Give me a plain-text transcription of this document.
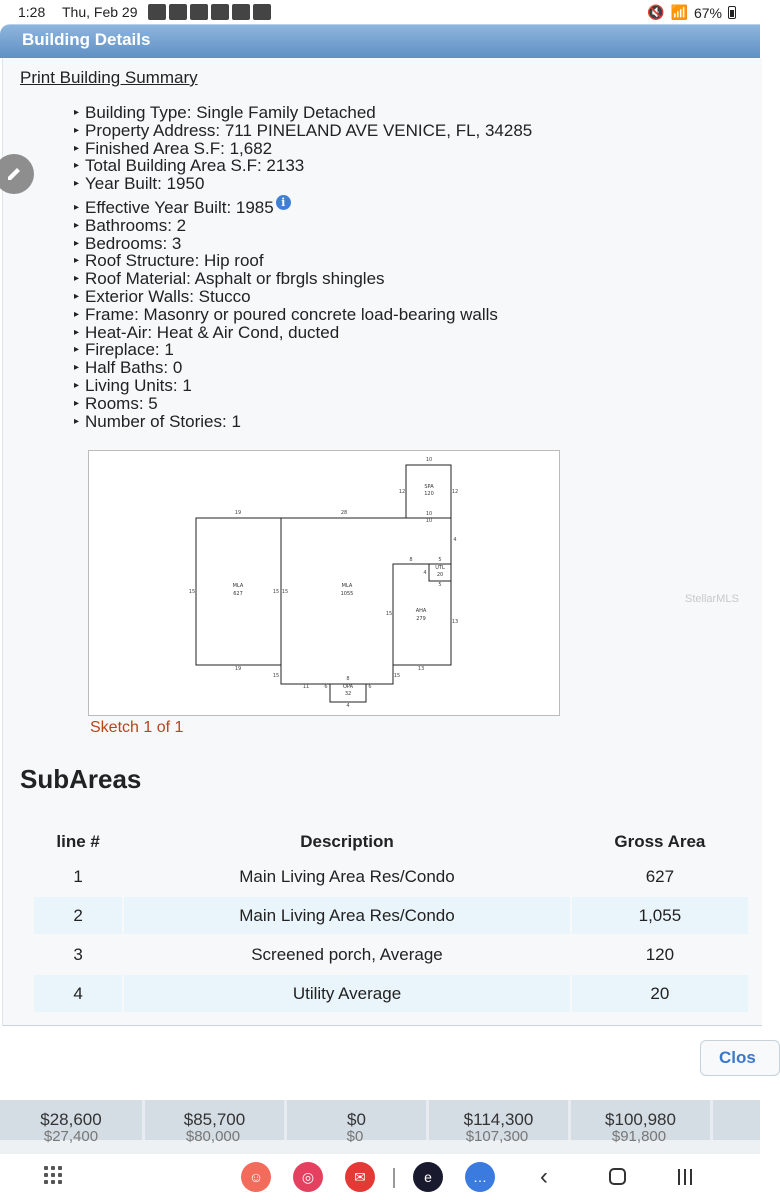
1:28 Thu, Feb 29	🔇 📶 67%
Building Details
Print Building Summary
▸ Building Type: Single Family Detached
▸ Property Address: 711 PINELAND AVE VENICE, FL, 34285
▸ Finished Area S.F: 1,682
▸ Total Building Area S.F: 2133
▸ Year Built: 1950
▸ Effective Year Built: 1985 i
▸ Bathrooms: 2
▸ Bedrooms: 3
▸ Roof Structure: Hip roof
▸ Roof Material: Asphalt or fbrgls shingles
▸ Exterior Walls: Stucco
▸ Frame: Masonry or poured concrete load-bearing walls
▸ Heat-Air: Heat & Air Cond, ducted
▸ Fireplace: 1
▸ Half Baths: 0
▸ Living Units: 1
▸ Rooms: 5
▸ Number of Stories: 1
MLA
627
MLA
1055
SPA
120
UTL
20
AHA
279
OPA
32
19	28
10
10
10
12	12
15	15 15
15
19
8	5
4
5
4
11	6	6
8
4
13
13
15	15
Sketch 1 of 1
StellarMLS
SubAreas
line #	Description	Gross Area
1	Main Living Area Res/Condo	627
2	Main Living Area Res/Condo	1,055
3	Screened porch, Average	120
4	Utility Average	20
Clos
$28,600	$85,700	$0	$114,300	$100,980
$27,400	$80,000	$0	$107,300	$91,800
☺	◎	✉	e	…	‹
